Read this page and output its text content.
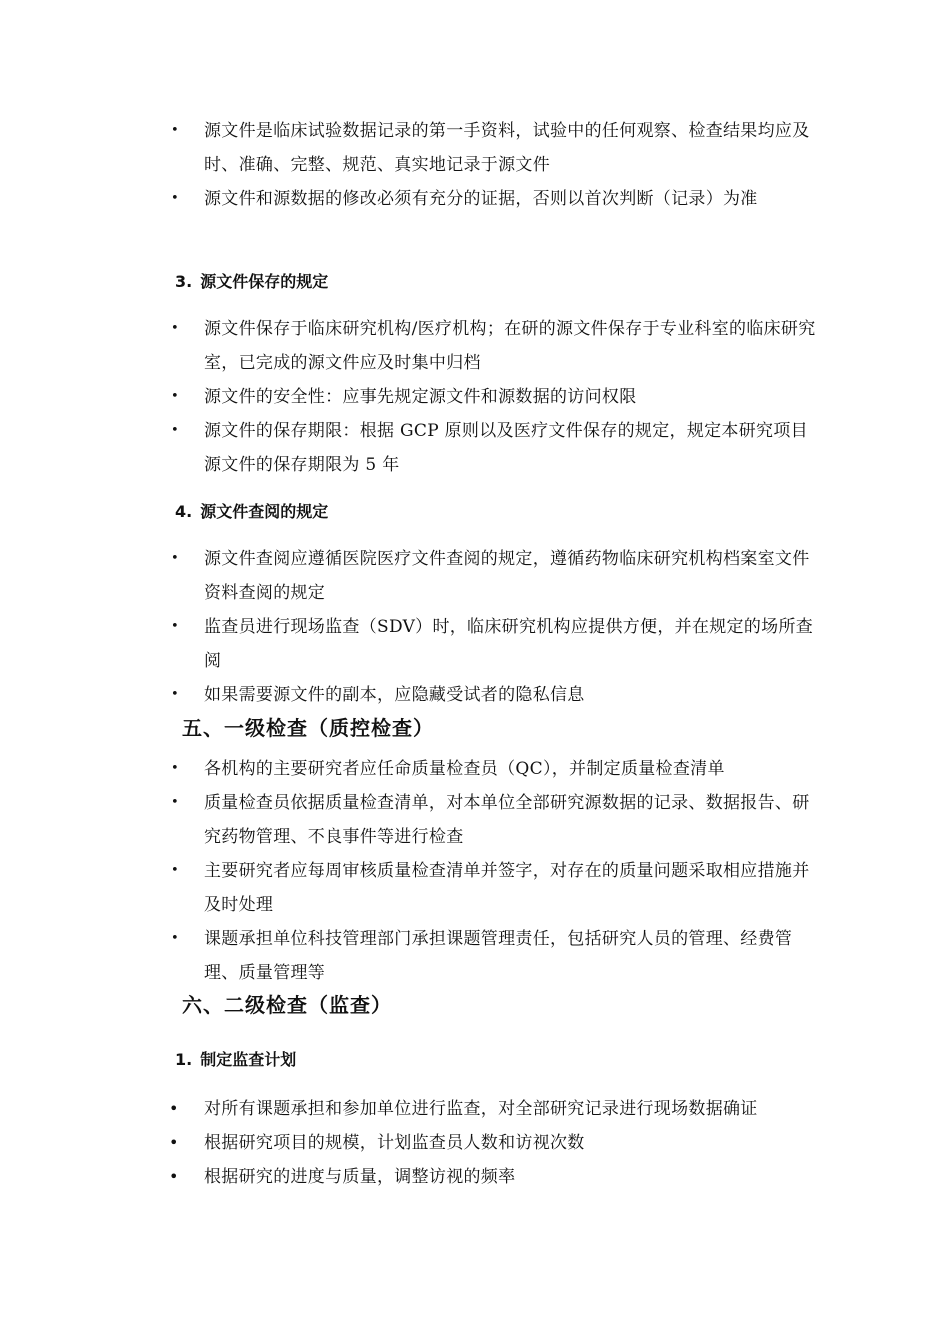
• 源文件是临床试验数据记录的第一手资料，试验中的任何观察、检查结果均应及时、准确、完整、规范、真实地记录于源文件
• 源文件和源数据的修改必须有充分的证据，否则以首次判断（记录）为准
3. 源文件保存的规定
• 源文件保存于临床研究机构/医疗机构；在研的源文件保存于专业科室的临床研究室，已完成的源文件应及时集中归档
• 源文件的安全性：应事先规定源文件和源数据的访问权限
• 源文件的保存期限：根据 GCP 原则以及医疗文件保存的规定，规定本研究项目源文件的保存期限为 5 年
4. 源文件查阅的规定
• 源文件查阅应遵循医院医疗文件查阅的规定，遵循药物临床研究机构档案室文件资料查阅的规定
• 监查员进行现场监查（SDV）时，临床研究机构应提供方便，并在规定的场所查阅
• 如果需要源文件的副本，应隐藏受试者的隐私信息
五、一级检查（质控检查）
• 各机构的主要研究者应任命质量检查员（QC），并制定质量检查清单
• 质量检查员依据质量检查清单，对本单位全部研究源数据的记录、数据报告、研究药物管理、不良事件等进行检查
• 主要研究者应每周审核质量检查清单并签字，对存在的质量问题采取相应措施并及时处理
• 课题承担单位科技管理部门承担课题管理责任，包括研究人员的管理、经费管理、质量管理等
六、二级检查（监查）
1. 制定监查计划
• 对所有课题承担和参加单位进行监查，对全部研究记录进行现场数据确证
• 根据研究项目的规模，计划监查员人数和访视次数
• 根据研究的进度与质量，调整访视的频率
